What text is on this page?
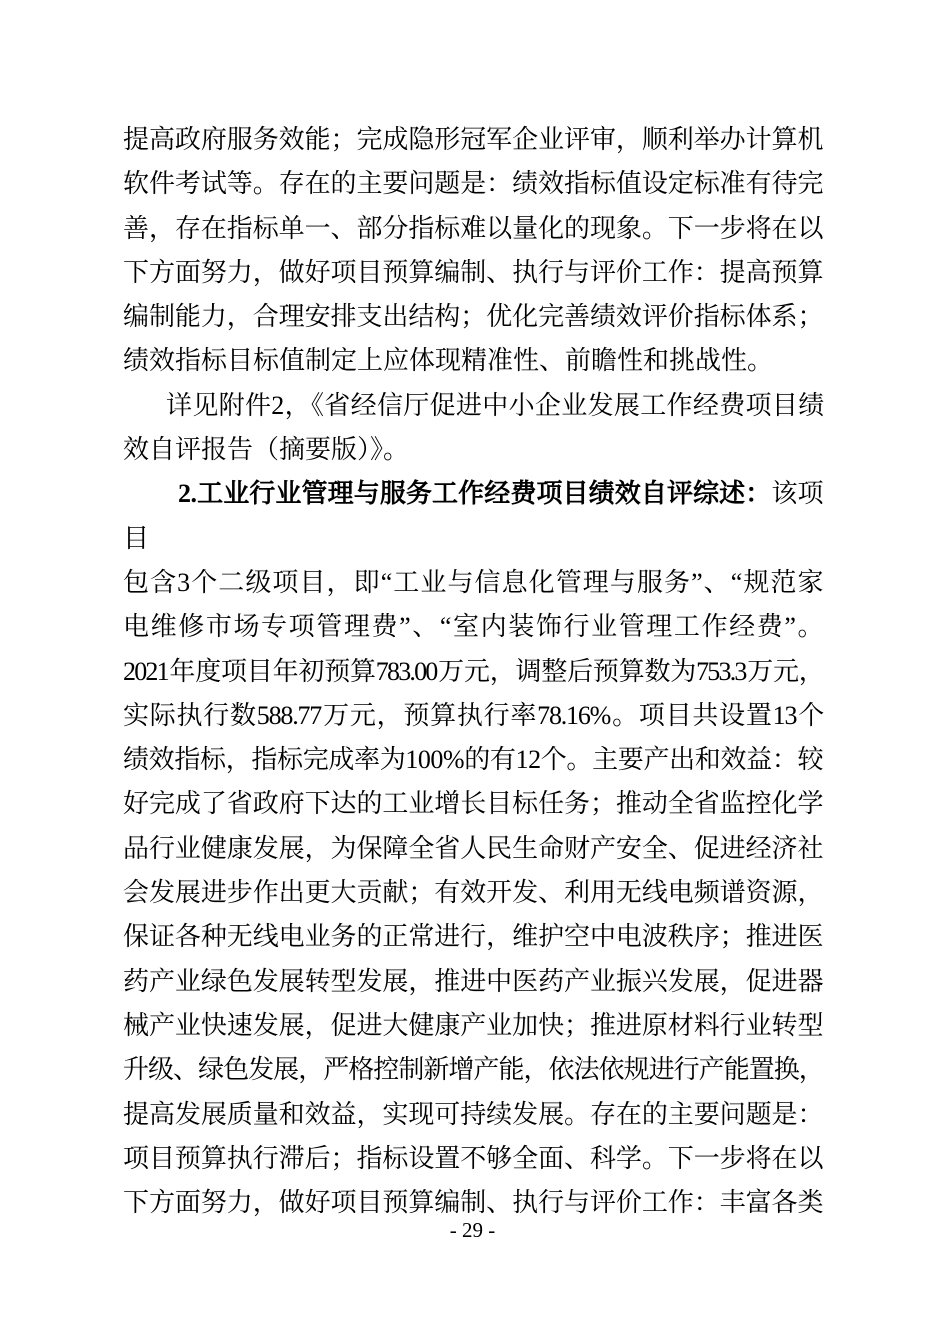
提高政府服务效能；完成隐形冠军企业评审，顺利举办计算机
软件考试等。存在的主要问题是：绩效指标值设定标准有待完
善，存在指标单一、部分指标难以量化的现象。下一步将在以
下方面努力，做好项目预算编制、执行与评价工作：提高预算
编制能力，合理安排支出结构；优化完善绩效评价指标体系；
绩效指标目标值制定上应体现精准性、前瞻性和挑战性。
详见附件2，《省经信厅促进中小企业发展工作经费项目绩
效自评报告（摘要版）》。
2.工业行业管理与服务工作经费项目绩效自评综述：该项目
包含3个二级项目，即“工业与信息化管理与服务”、“规范家
电维修市场专项管理费”、“室内装饰行业管理工作经费”。
2021年度项目年初预算783.00万元，调整后预算数为753.3万元，
实际执行数588.77万元，预算执行率78.16%。项目共设置13个
绩效指标，指标完成率为100%的有12个。主要产出和效益：较
好完成了省政府下达的工业增长目标任务；推动全省监控化学
品行业健康发展，为保障全省人民生命财产安全、促进经济社
会发展进步作出更大贡献；有效开发、利用无线电频谱资源，
保证各种无线电业务的正常进行，维护空中电波秩序；推进医
药产业绿色发展转型发展，推进中医药产业振兴发展，促进器
械产业快速发展，促进大健康产业加快；推进原材料行业转型
升级、绿色发展，严格控制新增产能，依法依规进行产能置换，
提高发展质量和效益，实现可持续发展。存在的主要问题是：
项目预算执行滞后；指标设置不够全面、科学。下一步将在以
下方面努力，做好项目预算编制、执行与评价工作：丰富各类
- 29 -
